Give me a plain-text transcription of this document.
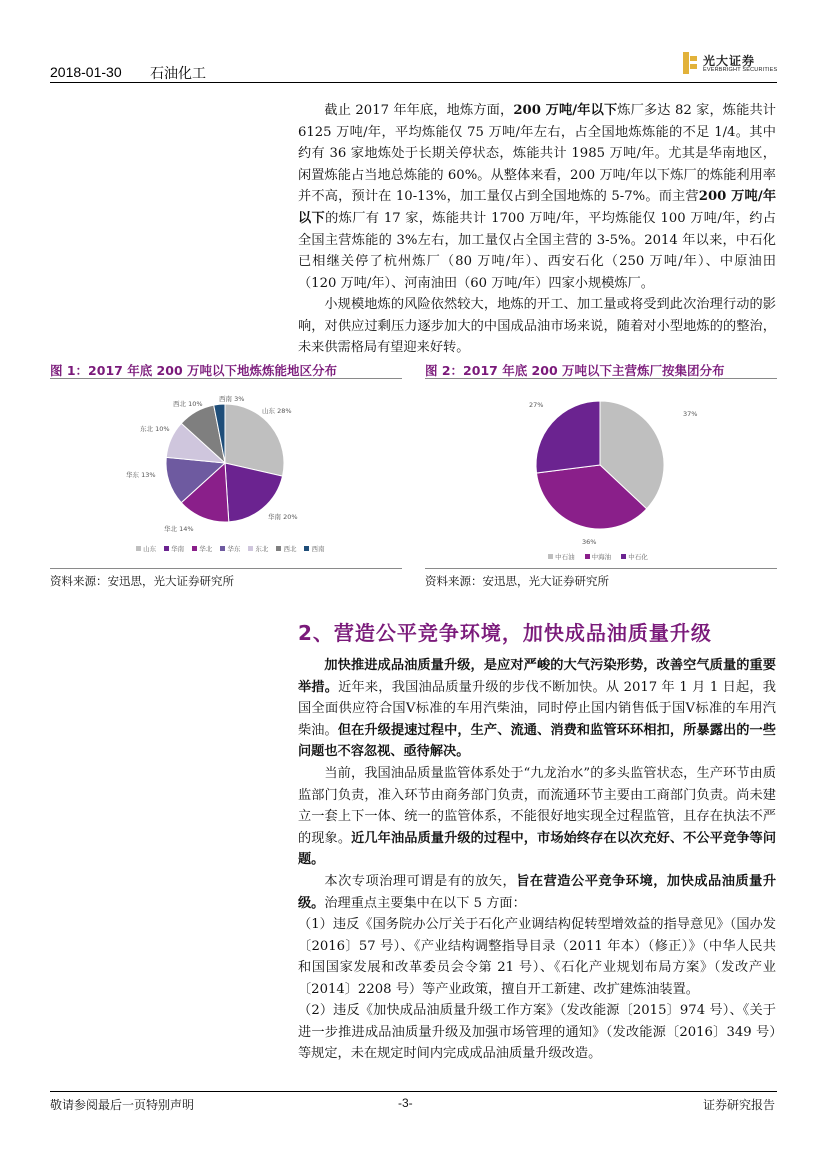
2018-01-30 石油化工
光大证券
EVERBRIGHT SECURITIES
截止 2017 年年底，地炼方面，200 万吨/年以下炼厂多达 82 家，炼能共计 6125 万吨/年，平均炼能仅 75 万吨/年左右，占全国地炼炼能的不足 1/4。其中约有 36 家地炼处于长期关停状态，炼能共计 1985 万吨/年。尤其是华南地区，闲置炼能占当地总炼能的 60%。从整体来看，200 万吨/年以下炼厂的炼能利用率并不高，预计在 10-13%，加工量仅占到全国地炼的 5-7%。而主营200 万吨/年以下的炼厂有 17 家，炼能共计 1700 万吨/年，平均炼能仅 100 万吨/年，约占全国主营炼能的 3%左右，加工量仅占全国主营的 3-5%。2014 年以来，中石化已相继关停了杭州炼厂（80 万吨/年）、西安石化（250 万吨/年）、中原油田（120 万吨/年）、河南油田（60 万吨/年）四家小规模炼厂。
小规模地炼的风险依然较大，地炼的开工、加工量或将受到此次治理行动的影响，对供应过剩压力逐步加大的中国成品油市场来说，随着对小型地炼的的整治，未来供需格局有望迎来好转。
图 1：2017 年底 200 万吨以下地炼炼能地区分布
山东 28%
华南 20%
华北 14%
华东 13%
东北 10%
西北 10%
西南 3%
山东	华南	华北	华东	东北	西北	西南
资料来源：安迅思，光大证券研究所
图 2：2017 年底 200 万吨以下主营炼厂按集团分布
37%
36%
27%
中石油	中海油	中石化
资料来源：安迅思，光大证券研究所
2、营造公平竞争环境，加快成品油质量升级
加快推进成品油质量升级，是应对严峻的大气污染形势，改善空气质量的重要举措。近年来，我国油品质量升级的步伐不断加快。从 2017 年 1 月 1 日起，我国全面供应符合国Ⅴ标准的车用汽柴油，同时停止国内销售低于国Ⅴ标准的车用汽柴油。但在升级提速过程中，生产、流通、消费和监管环环相扣，所暴露出的一些问题也不容忽视、亟待解决。
当前，我国油品质量监管体系处于“九龙治水”的多头监管状态，生产环节由质监部门负责，准入环节由商务部门负责，而流通环节主要由工商部门负责。尚未建立一套上下一体、统一的监管体系，不能很好地实现全过程监管，且存在执法不严的现象。近几年油品质量升级的过程中，市场始终存在以次充好、不公平竞争等问题。
本次专项治理可谓是有的放矢，旨在营造公平竞争环境，加快成品油质量升级。治理重点主要集中在以下 5 方面：
（1）违反《国务院办公厅关于石化产业调结构促转型增效益的指导意见》（国办发〔2016〕57 号）、《产业结构调整指导目录（2011 年本）（修正）》（中华人民共和国国家发展和改革委员会令第 21 号）、《石化产业规划布局方案》（发改产业〔2014〕2208 号）等产业政策，擅自开工新建、改扩建炼油装置。
（2）违反《加快成品油质量升级工作方案》（发改能源〔2015〕974 号）、《关于进一步推进成品油质量升级及加强市场管理的通知》（发改能源〔2016〕349 号）等规定，未在规定时间内完成成品油质量升级改造。
敬请参阅最后一页特别声明	-3-	证券研究报告
